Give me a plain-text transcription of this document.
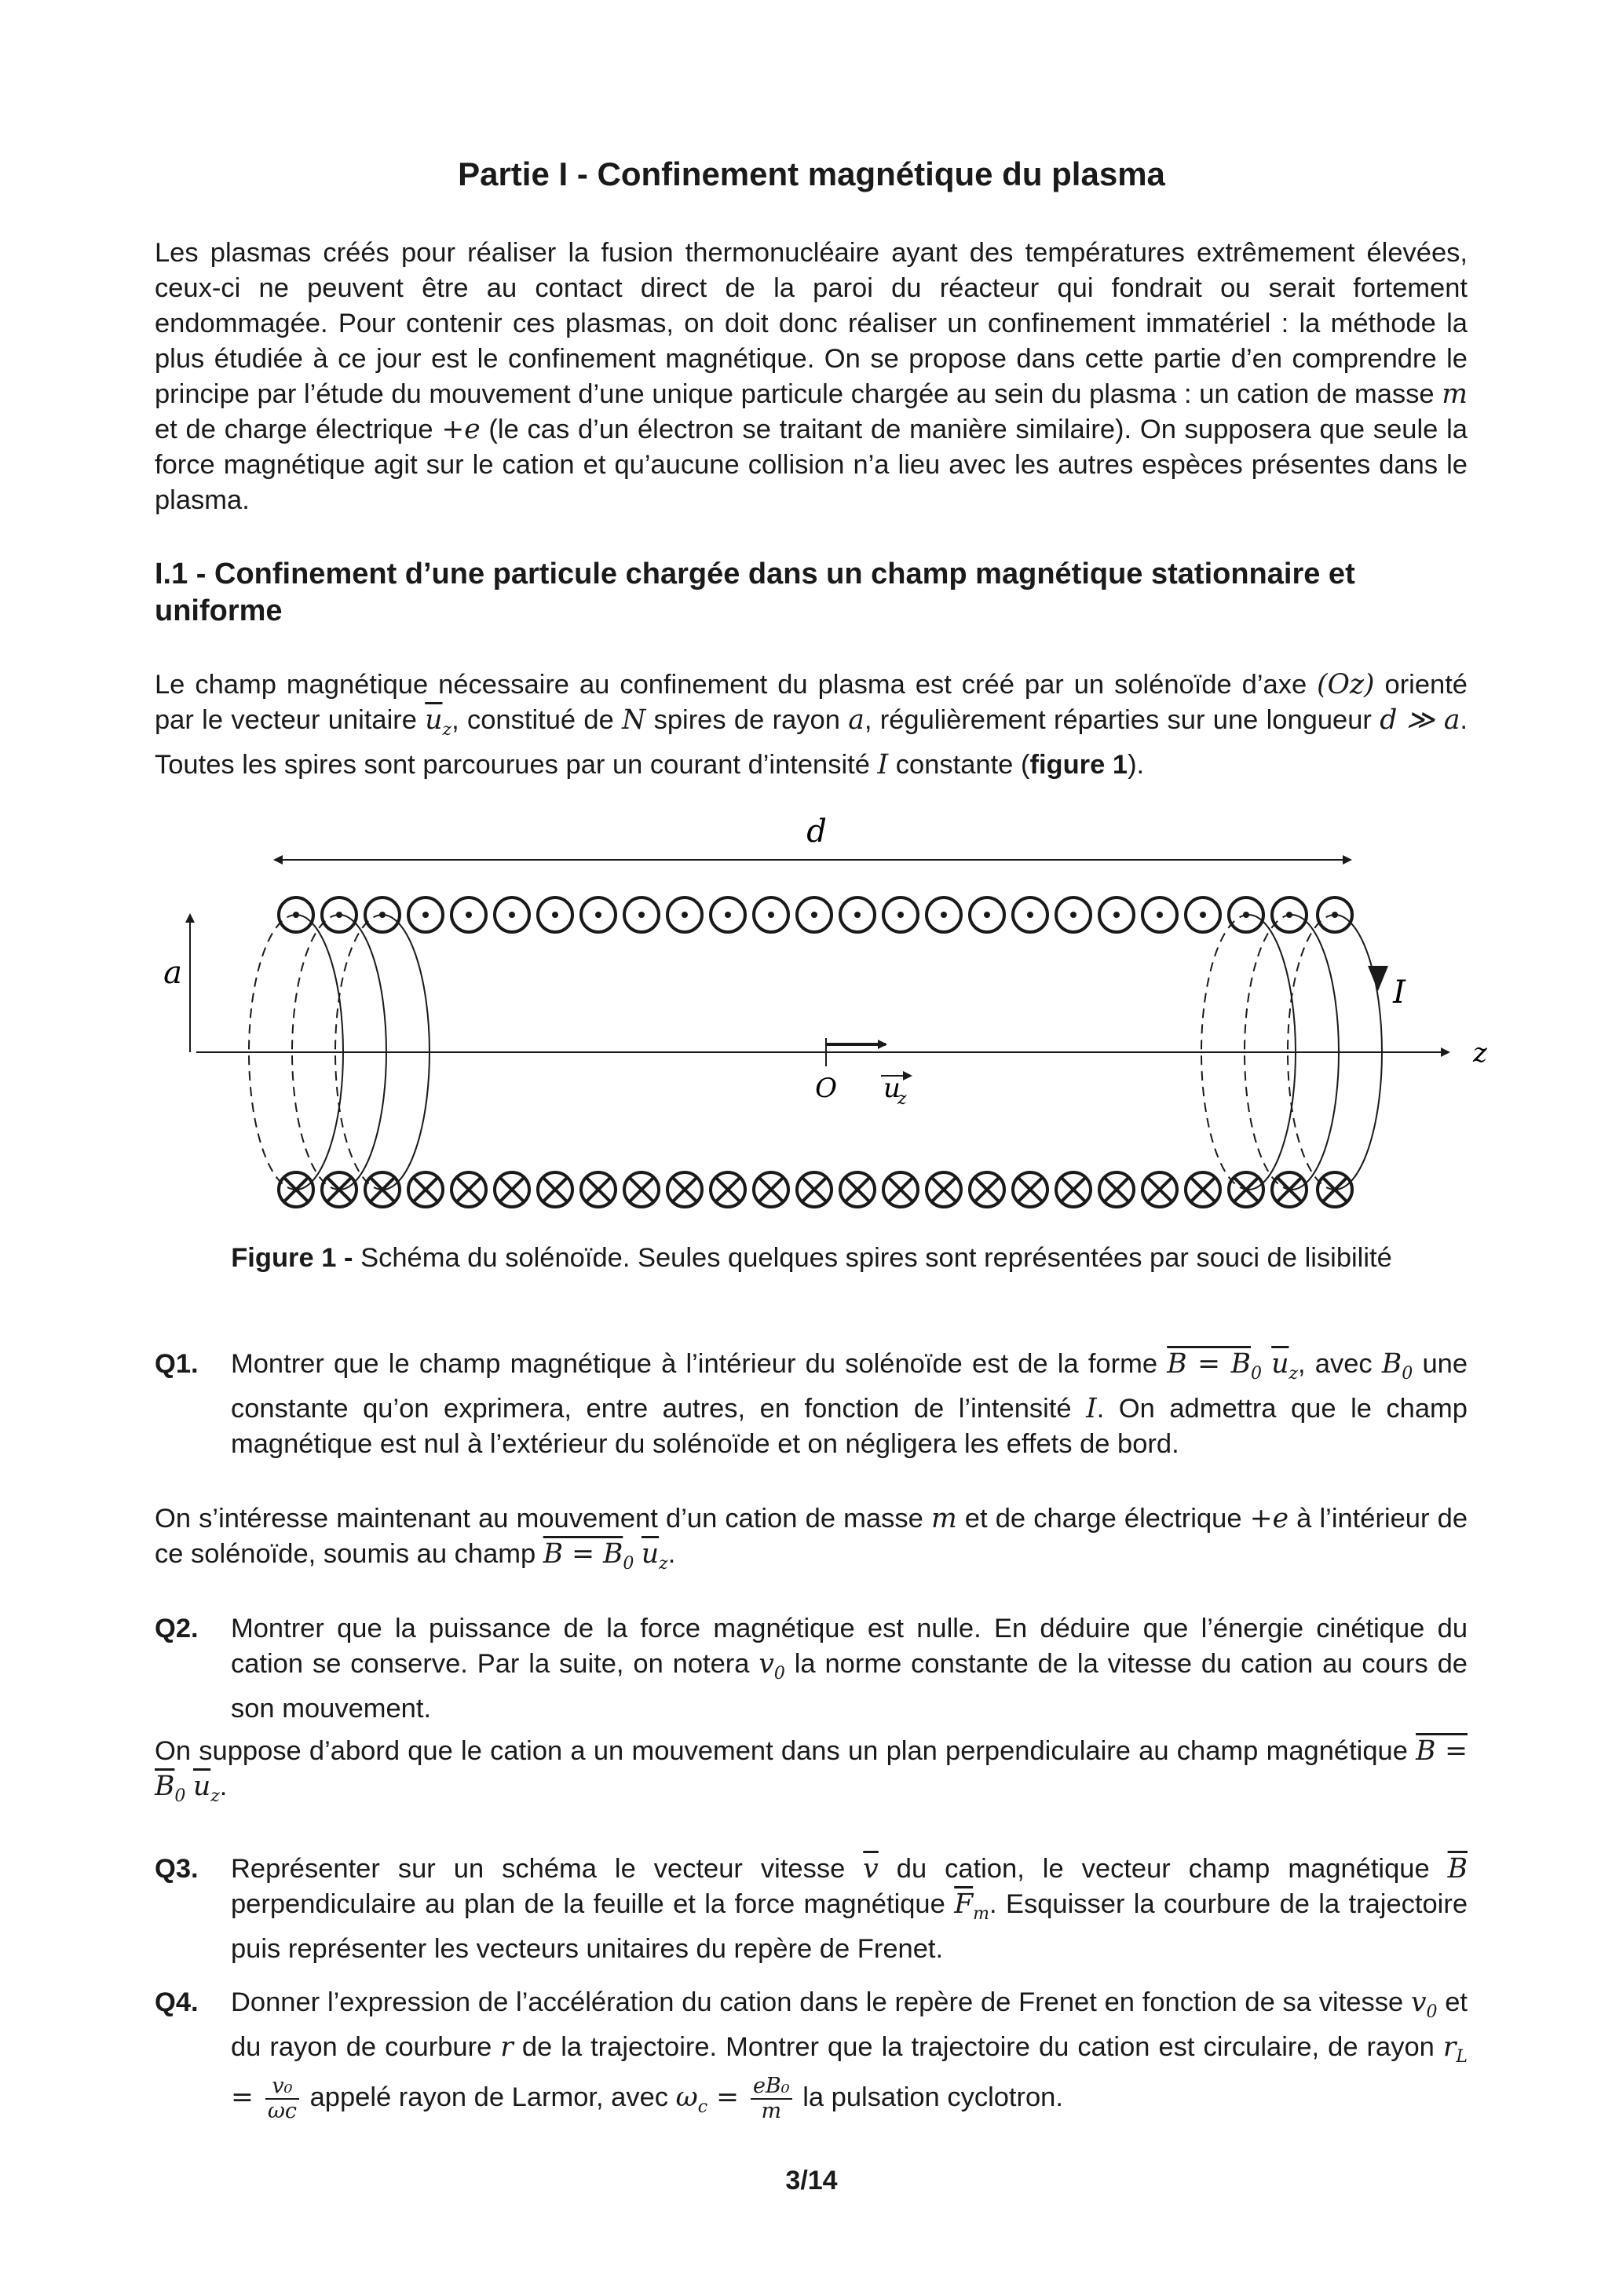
Partie I - Confinement magnétique du plasma

Les plasmas créés pour réaliser la fusion thermonucléaire ayant des températures extrêmement élevées, ceux-ci ne peuvent être au contact direct de la paroi du réacteur qui fondrait ou serait fortement endommagée. Pour contenir ces plasmas, on doit donc réaliser un confinement immatériel : la méthode la plus étudiée à ce jour est le confinement magnétique. On se propose dans cette partie d’en comprendre le principe par l’étude du mouvement d’une unique particule chargée au sein du plasma : un cation de masse m et de charge électrique +e (le cas d’un électron se traitant de manière similaire). On supposera que seule la force magnétique agit sur le cation et qu’aucune collision n’a lieu avec les autres espèces présentes dans le plasma.

I.1 - Confinement d’une particule chargée dans un champ magnétique stationnaire et uniforme

Le champ magnétique nécessaire au confinement du plasma est créé par un solénoïde d’axe (Oz) orienté par le vecteur unitaire $\overline{u}_z$, constitué de N spires de rayon a, régulièrement réparties sur une longueur d ≫ a. Toutes les spires sont parcourues par un courant d’intensité I constante (figure 1).

d
a
z
O u
z
I
Figure 1 - Schéma du solénoïde. Seules quelques spires sont représentées par souci de lisibilité
Q1. Montrer que le champ magnétique à l’intérieur du solénoïde est de la forme $B = B_0$ $\overline{u}_z$, avec $B_0$ une constante qu’on exprimera, entre autres, en fonction de l’intensité I. On admettra que le champ magnétique est nul à l’extérieur du solénoïde et on négligera les effets de bord.

On s’intéresse maintenant au mouvement d’un cation de masse m et de charge électrique +e à l’intérieur de ce solénoïde, soumis au champ $B = B_0$ $\overline{u}_z$.

Q2. Montrer que la puissance de la force magnétique est nulle. En déduire que l’énergie cinétique du cation se conserve. Par la suite, on notera $v_0$ la norme constante de la vitesse du cation au cours de son mouvement.

On suppose d’abord que le cation a un mouvement dans un plan perpendiculaire au champ magnétique $B = B_0$ $\overline{u}_z$.

Q3. Représenter sur un schéma le vecteur vitesse $\overline{v}$ du cation, le vecteur champ magnétique $\overline{B}$ perpendiculaire au plan de la feuille et la force magnétique $\overline{F}_m$. Esquisser la courbure de la trajectoire puis représenter les vecteurs unitaires du repère de Frenet.
Q4. Donner l’expression de l’accélération du cation dans le repère de Frenet en fonction de sa vitesse $v_0$ et du rayon de courbure r de la trajectoire. Montrer que la trajectoire du cation est circulaire, de rayon $r_L = \frac{\text{v₀}}{\omega c}$ appelé rayon de Larmor, avec $\omega_c = \frac{\text{eB₀}}{m}$ la pulsation cyclotron.
3/14
